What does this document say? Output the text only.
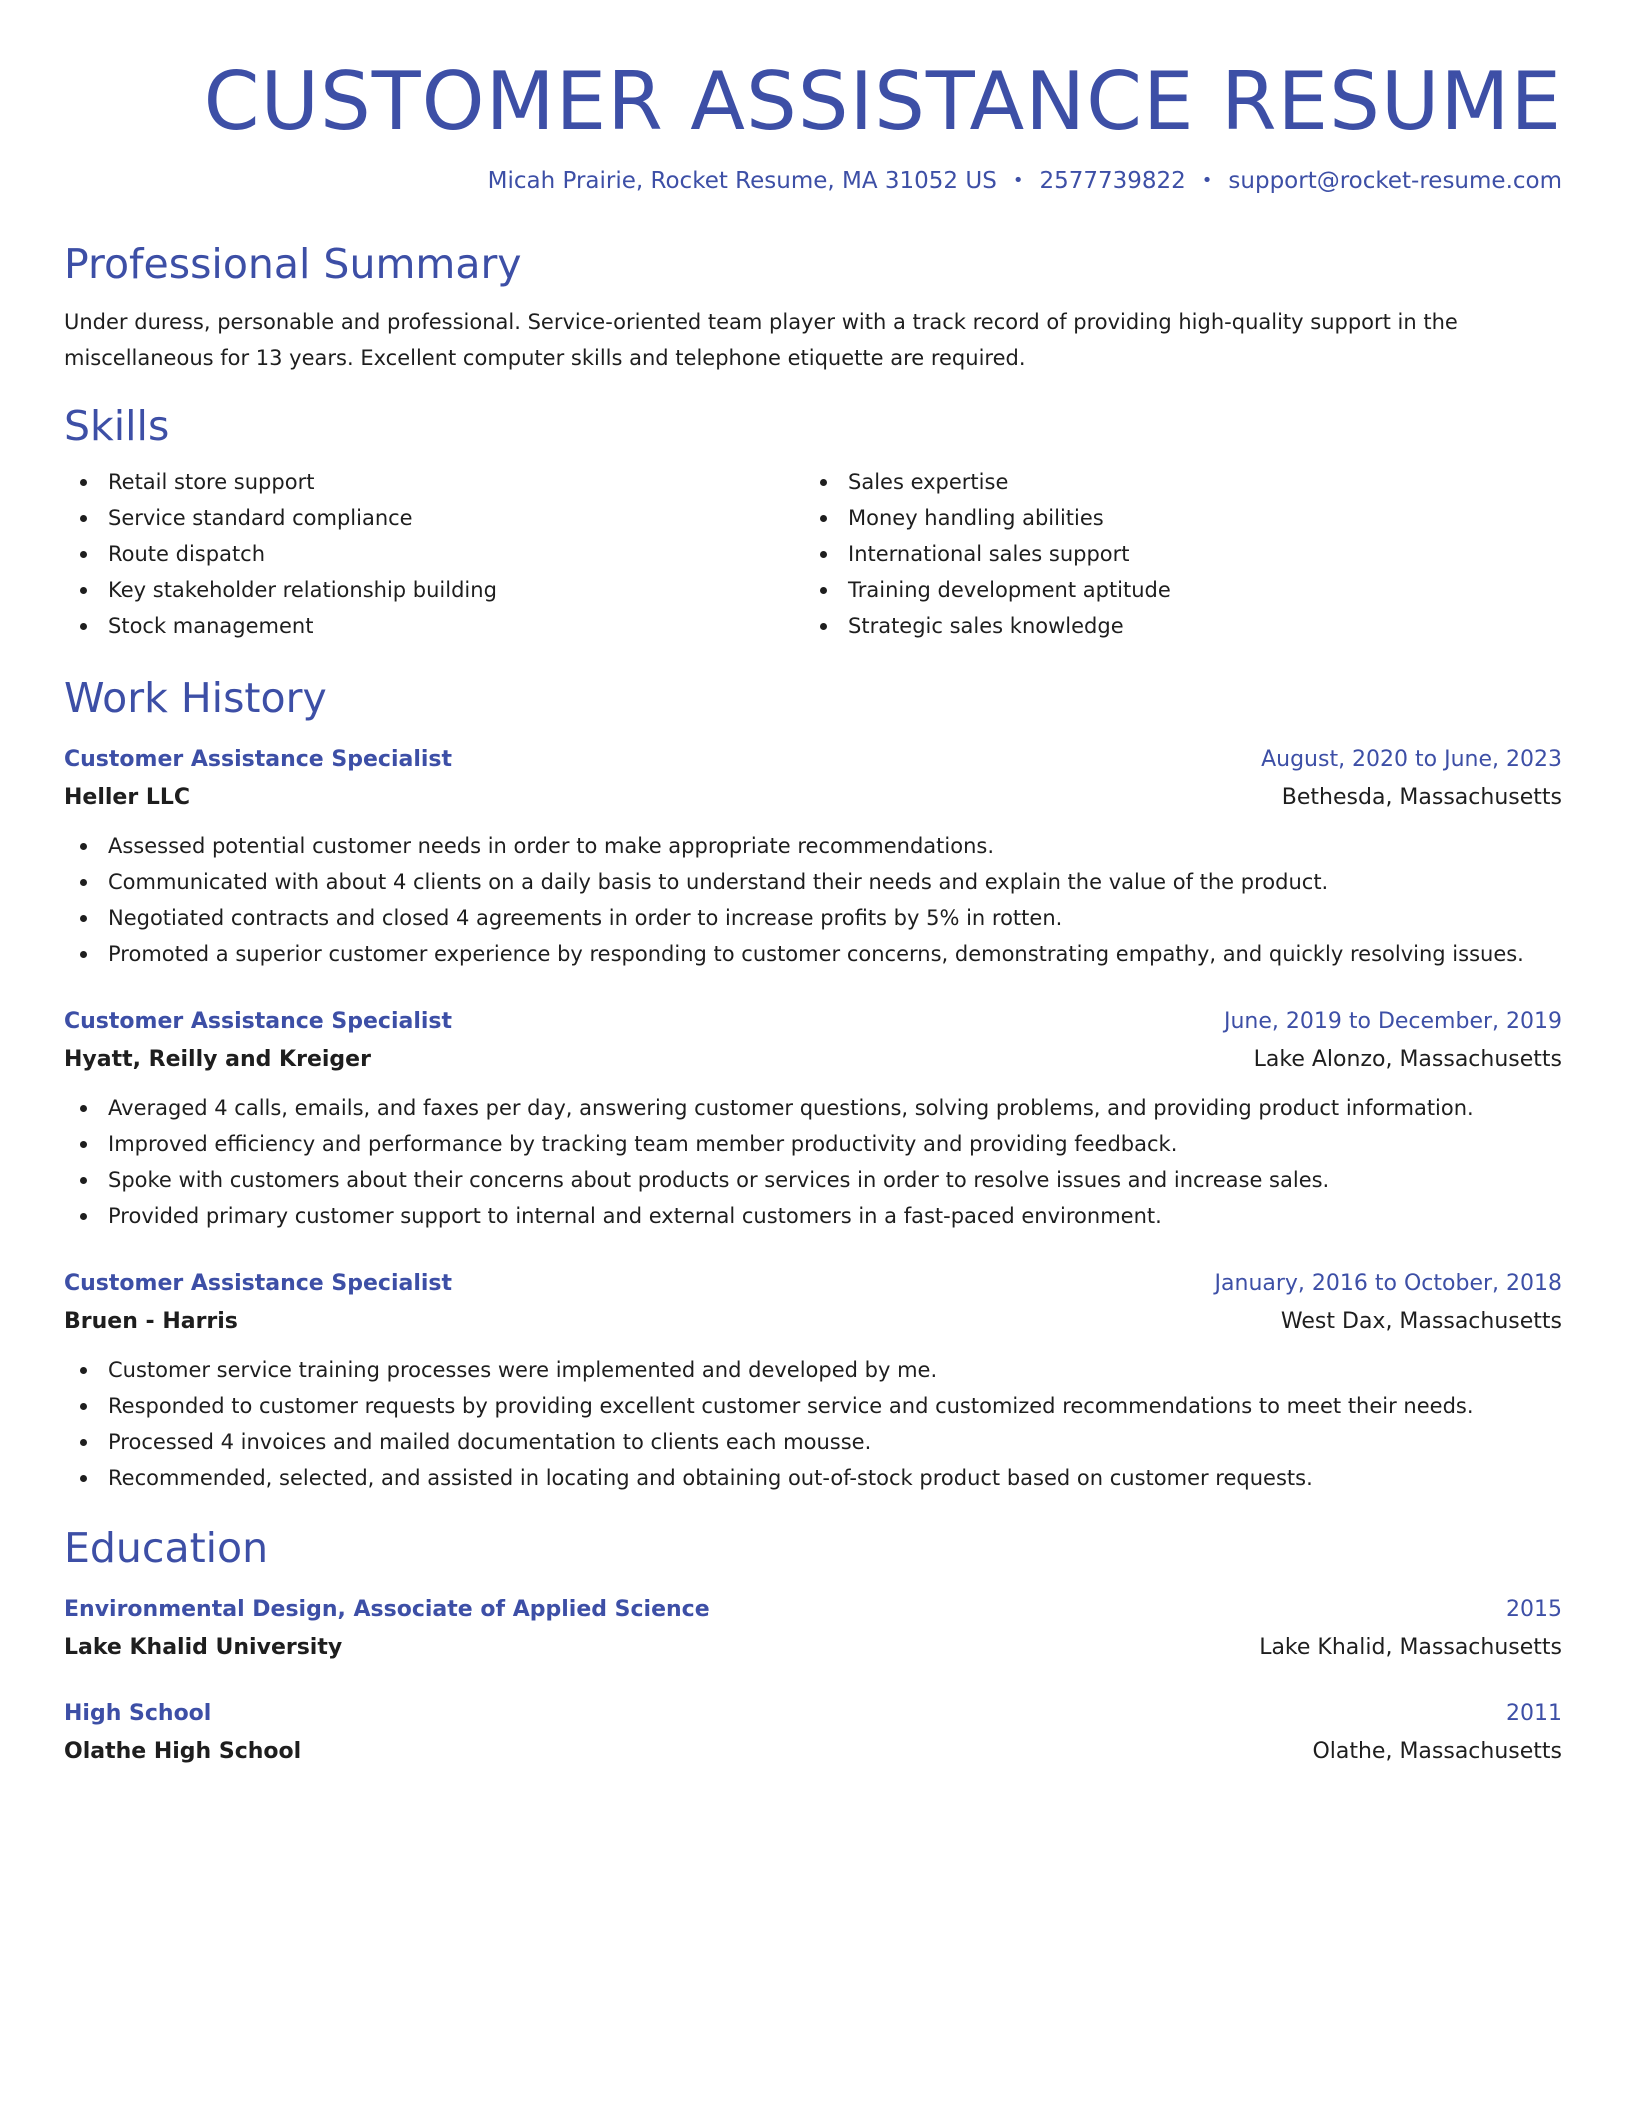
CUSTOMER ASSISTANCE RESUME
Micah Prairie, Rocket Resume, MA 31052 US • 2577739822 • support@rocket-resume.com
Professional Summary

Under duress, personable and professional. Service-oriented team player with a track record of providing high-quality support in the miscellaneous for 13 years. Excellent computer skills and telephone etiquette are required.

Skills
Retail store support
Service standard compliance
Route dispatch
Key stakeholder relationship building
Stock management
Sales expertise
Money handling abilities
International sales support
Training development aptitude
Strategic sales knowledge
Work History
Customer Assistance Specialist	August, 2020 to June, 2023
Heller LLC	Bethesda, Massachusetts
Assessed potential customer needs in order to make appropriate recommendations.
Communicated with about 4 clients on a daily basis to understand their needs and explain the value of the product.
Negotiated contracts and closed 4 agreements in order to increase profits by 5% in rotten.
Promoted a superior customer experience by responding to customer concerns, demonstrating empathy, and quickly resolving issues.
Customer Assistance Specialist	June, 2019 to December, 2019
Hyatt, Reilly and Kreiger	Lake Alonzo, Massachusetts
Averaged 4 calls, emails, and faxes per day, answering customer questions, solving problems, and providing product information.
Improved efficiency and performance by tracking team member productivity and providing feedback.
Spoke with customers about their concerns about products or services in order to resolve issues and increase sales.
Provided primary customer support to internal and external customers in a fast-paced environment.
Customer Assistance Specialist	January, 2016 to October, 2018
Bruen - Harris	West Dax, Massachusetts
Customer service training processes were implemented and developed by me.
Responded to customer requests by providing excellent customer service and customized recommendations to meet their needs.
Processed 4 invoices and mailed documentation to clients each mousse.
Recommended, selected, and assisted in locating and obtaining out-of-stock product based on customer requests.
Education
Environmental Design, Associate of Applied Science	2015
Lake Khalid University	Lake Khalid, Massachusetts
High School	2011
Olathe High School	Olathe, Massachusetts
